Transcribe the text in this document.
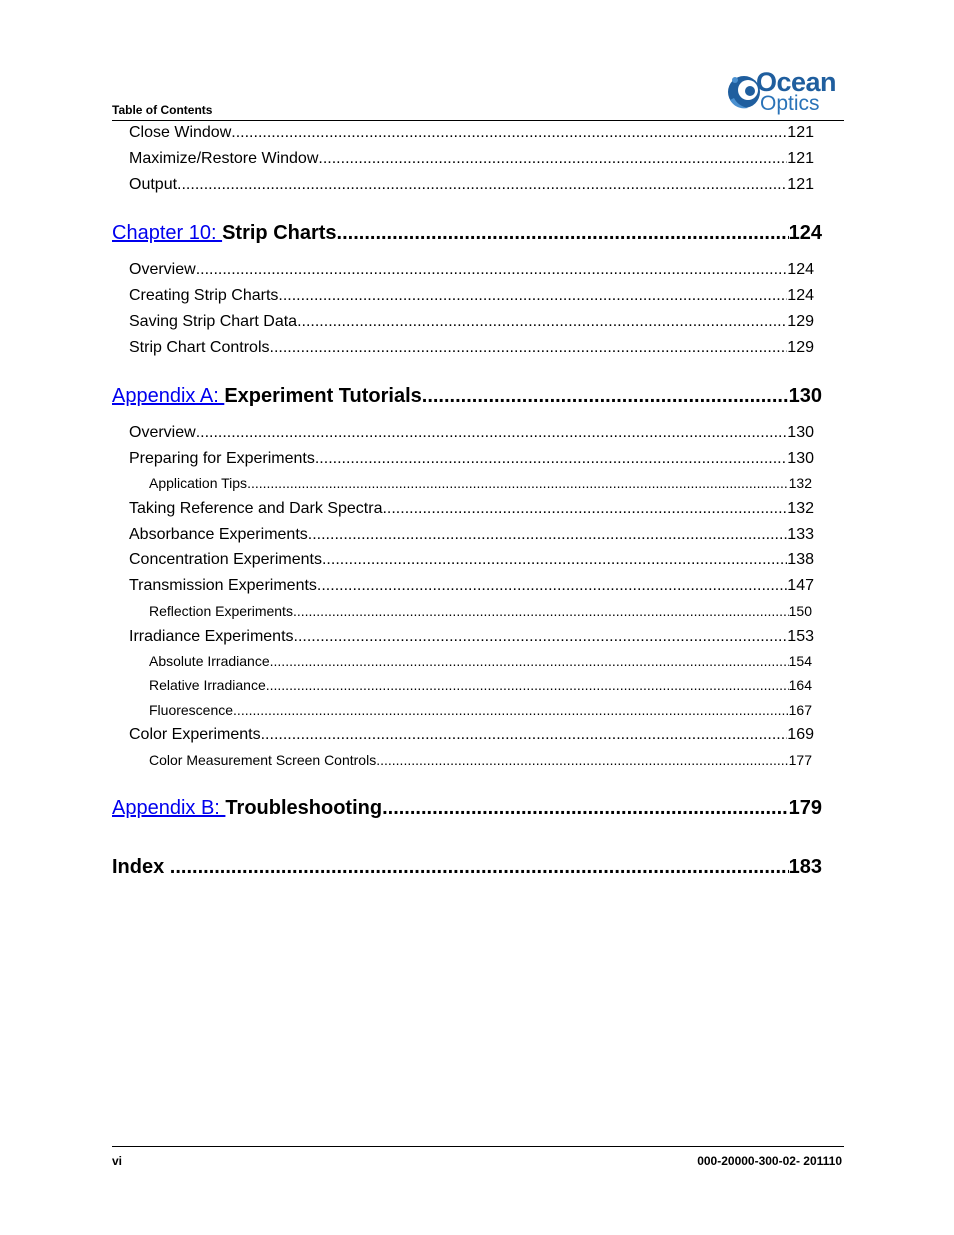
Table of Contents
Ocean
Optics
Close Window .....	121
Maximize/Restore Window .....	121
Output .....	121
Chapter 10: Strip Charts .....	124
Overview .....	124
Creating Strip Charts .....	124
Saving Strip Chart Data .....	129
Strip Chart Controls .....	129
Appendix A: Experiment Tutorials .....	130
Overview .....	130
Preparing for Experiments .....	130
Application Tips .....	132
Taking Reference and Dark Spectra .....	132
Absorbance Experiments .....	133
Concentration Experiments .....	138
Transmission Experiments .....	147
Reflection Experiments .....	150
Irradiance Experiments .....	153
Absolute Irradiance .....	154
Relative Irradiance .....	164
Fluorescence .....	167
Color Experiments .....	169
Color Measurement Screen Controls .....	177
Appendix B: Troubleshooting .....	179
Index .....	183
vi	000-20000-300-02- 201110
